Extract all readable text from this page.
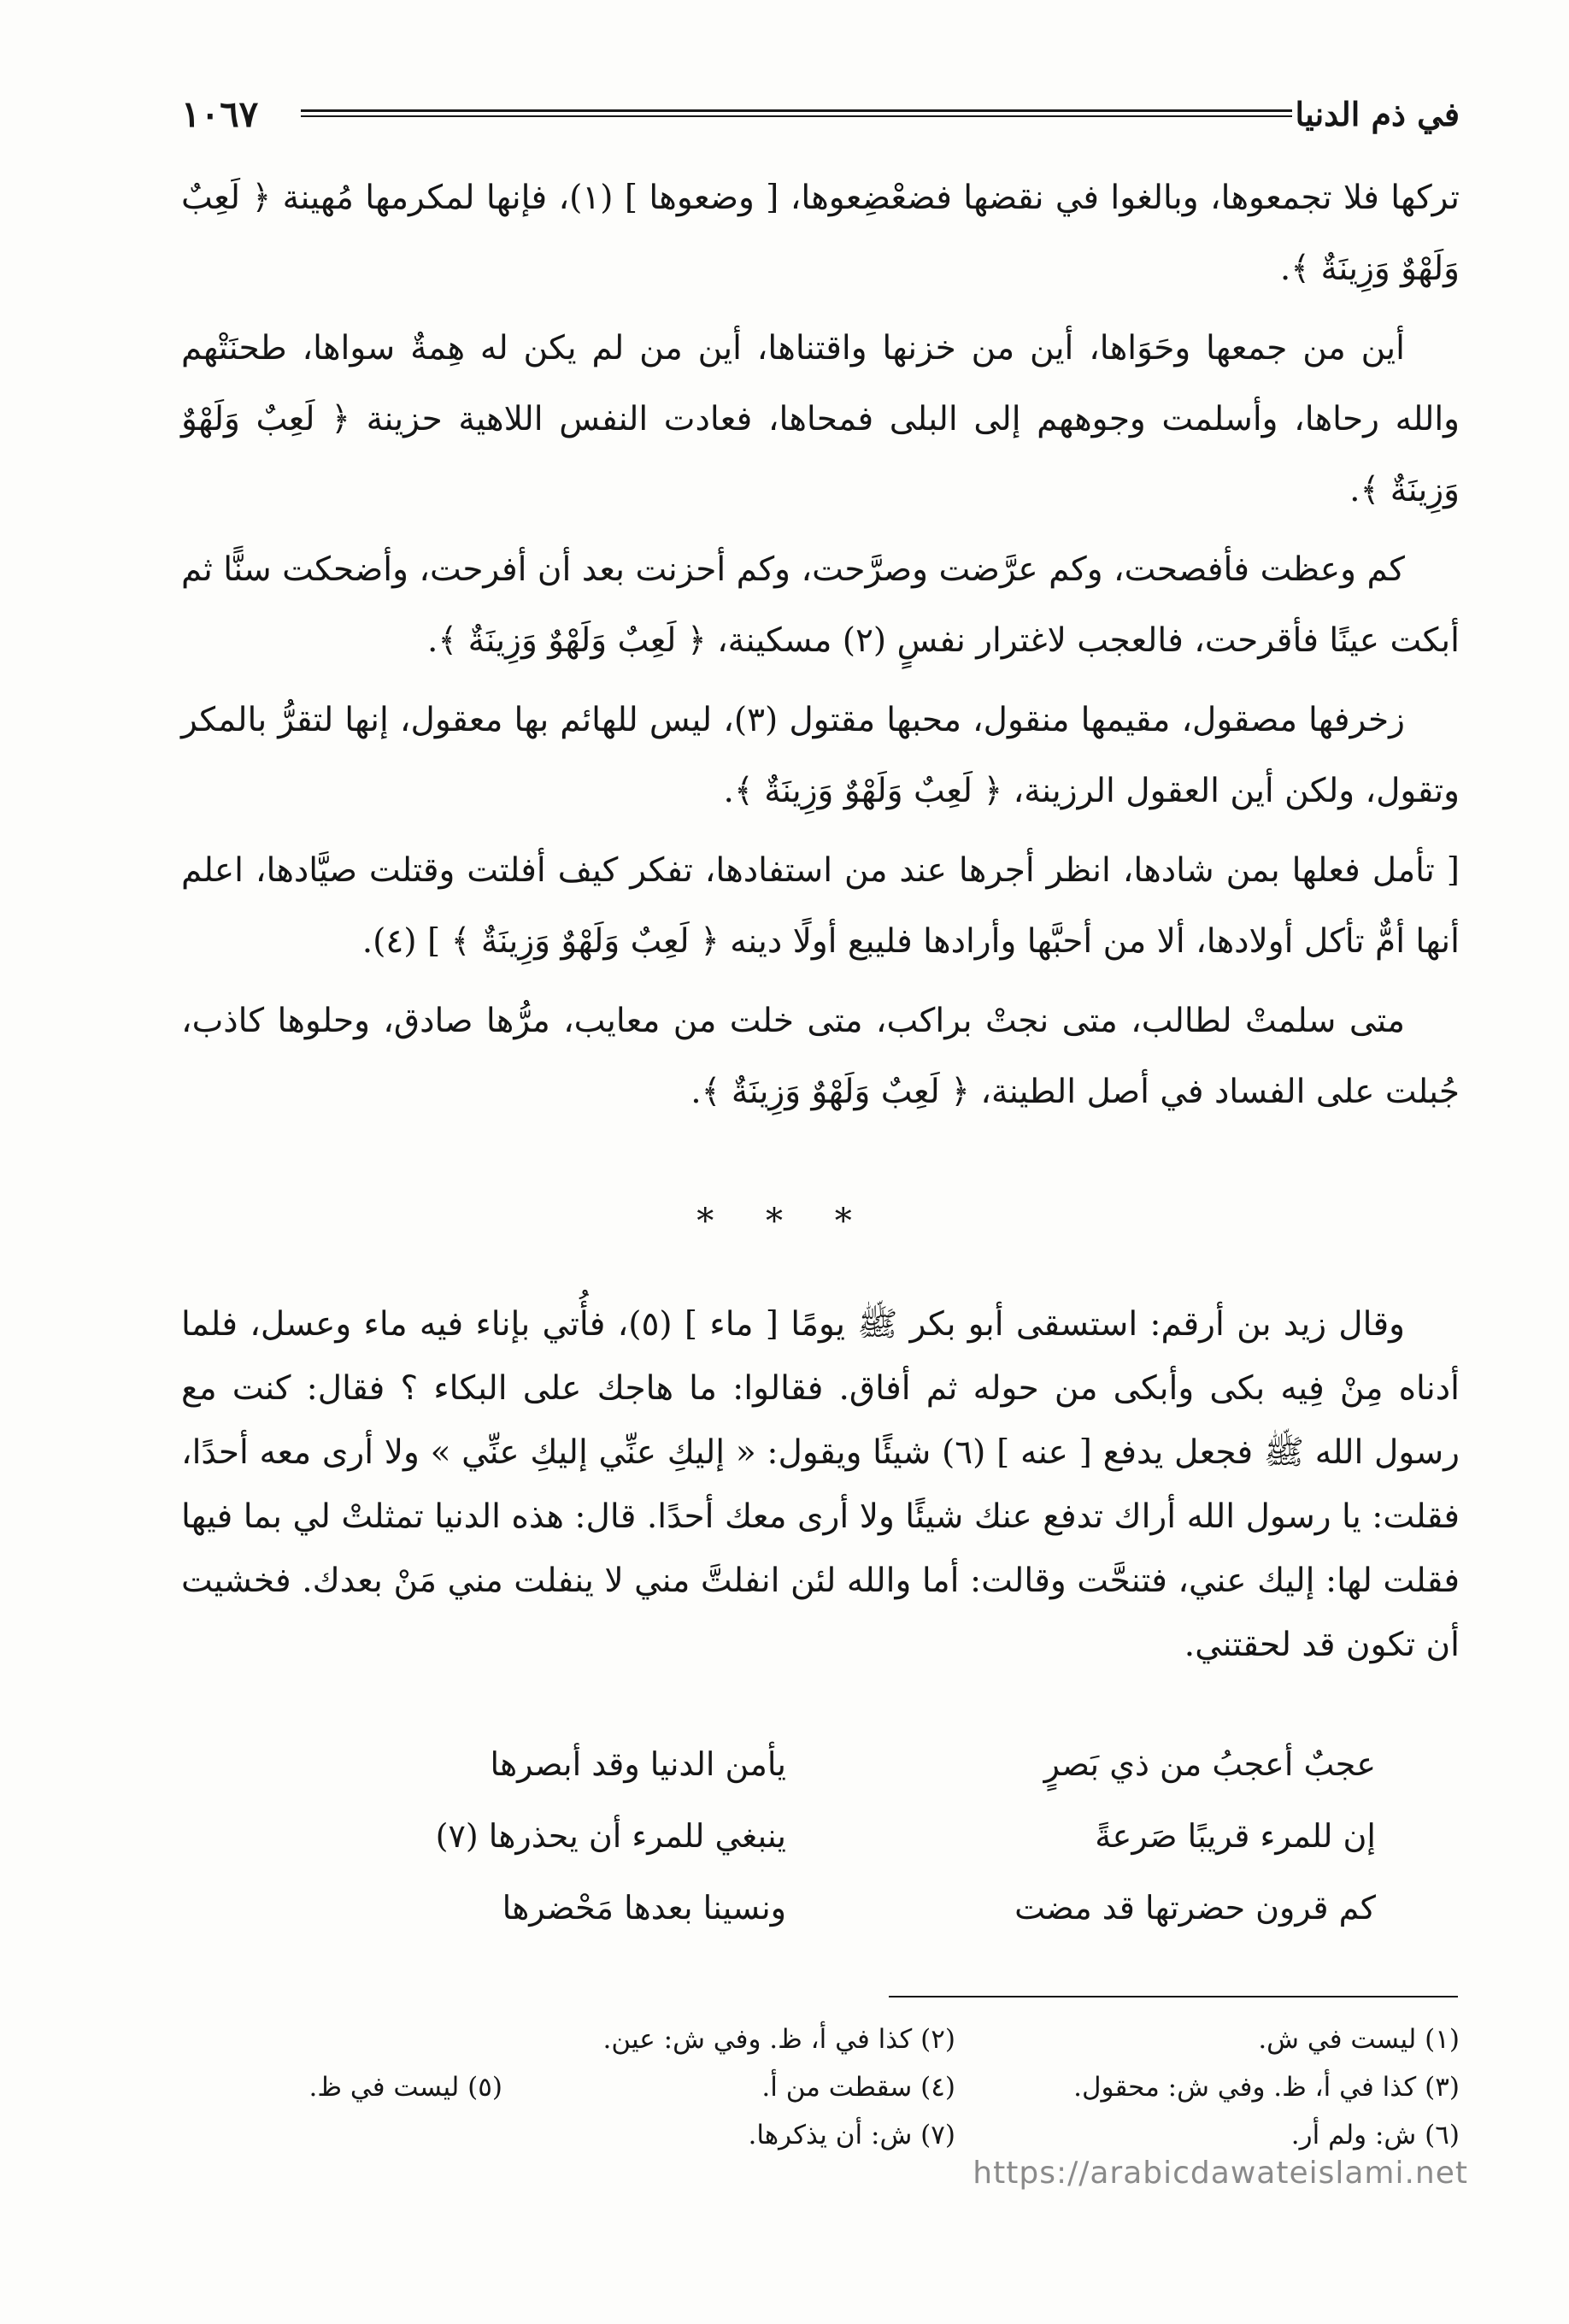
١٠٦٧	في ذم الدنيا

تركها فلا تجمعوها، وبالغوا في نقضها فضعْضِعوها، [ وضعوها ] (١)، فإنها لمكرمها مُهينة ﴿ لَعِبٌ وَلَهْوٌ وَزِينَةٌ ﴾.

أين من جمعها وحَوَاها، أين من خزنها واقتناها، أين من لم يكن له هِمةٌ سواها، طحنَتْهم والله رحاها، وأسلمت وجوههم إلى البلى فمحاها، فعادت النفس اللاهية حزينة ﴿ لَعِبٌ وَلَهْوٌ وَزِينَةٌ ﴾.

كم وعظت فأفصحت، وكم عرَّضت وصرَّحت، وكم أحزنت بعد أن أفرحت، وأضحكت سنًّا ثم أبكت عينًا فأقرحت، فالعجب لاغترار نفسٍ (٢) مسكينة، ﴿ لَعِبٌ وَلَهْوٌ وَزِينَةٌ ﴾.

زخرفها مصقول، مقيمها منقول، محبها مقتول (٣)، ليس للهائم بها معقول، إنها لتقرُّ بالمكر وتقول، ولكن أين العقول الرزينة، ﴿ لَعِبٌ وَلَهْوٌ وَزِينَةٌ ﴾.

[ تأمل فعلها بمن شادها، انظر أجرها عند من استفادها، تفكر كيف أفلتت وقتلت صيَّادها، اعلم أنها أمٌّ تأكل أولادها، ألا من أحبَّها وأرادها فليبع أولًا دينه ﴿ لَعِبٌ وَلَهْوٌ وَزِينَةٌ ﴾ ] (٤).

متى سلمتْ لطالب، متى نجتْ براكب، متى خلت من معايب، مرُّها صادق، وحلوها كاذب، جُبلت على الفساد في أصل الطينة، ﴿ لَعِبٌ وَلَهْوٌ وَزِينَةٌ ﴾.

* * *

وقال زيد بن أرقم: استسقى أبو بكر ﷺ يومًا [ ماء ] (٥)، فأُتي بإناء فيه ماء وعسل، فلما أدناه مِنْ فِيه بكى وأبكى من حوله ثم أفاق. فقالوا: ما هاجك على البكاء ؟ فقال: كنت مع رسول الله ﷺ فجعل يدفع [ عنه ] (٦) شيئًا ويقول: « إليكِ عنِّي إليكِ عنِّي » ولا أرى معه أحدًا، فقلت: يا رسول الله أراك تدفع عنك شيئًا ولا أرى معك أحدًا. قال: هذه الدنيا تمثلتْ لي بما فيها فقلت لها: إليك عني، فتنحَّت وقالت: أما والله لئن انفلتَّ مني لا ينفلت مني مَنْ بعدك. فخشيت أن تكون قد لحقتني.

عجبٌ أعجبُ من ذي بَصرٍ
يأمن الدنيا وقد أبصرها
إن للمرء قريبًا صَرعةً
ينبغي للمرء أن يحذرها (٧)
كم قرون حضرتها قد مضت
ونسينا بعدها مَحْضرها
(١) ليست في ش.
(٢) كذا في أ، ظ. وفي ش: عين.
(٣) كذا في أ، ظ. وفي ش: محقول.
(٤) سقطت من أ.
(٥) ليست في ظ.
(٦) ش: ولم أر.
(٧) ش: أن يذكرها.
https://arabicdawateislami.net
